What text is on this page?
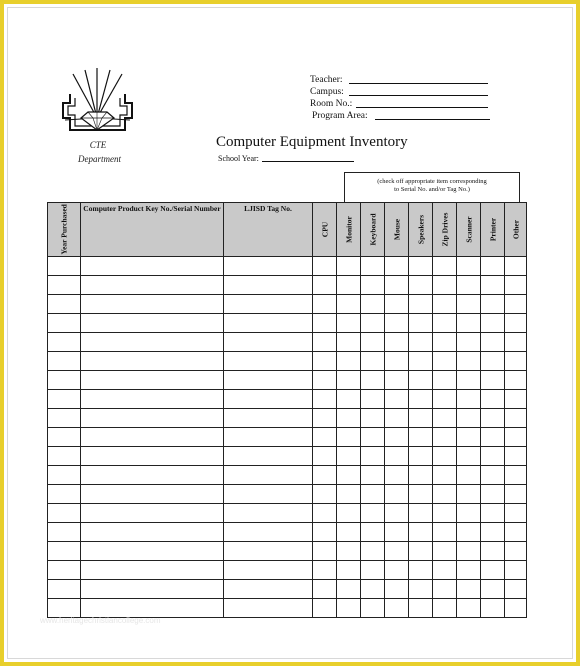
CTE
Department
Teacher:
Campus:
Room No.:
Program Area:
Computer Equipment Inventory
School Year:
(check off appropriate item corresponding
to Serial No. and/or Tag No.)
Year Purchased	Computer Product Key No./Serial Number	LJISD Tag No.	CPU	Monitor	Keyboard	Mouse	Speakers	Zip Drives	Scanner	Printer	Other

www.heritagechristiancollege.com
